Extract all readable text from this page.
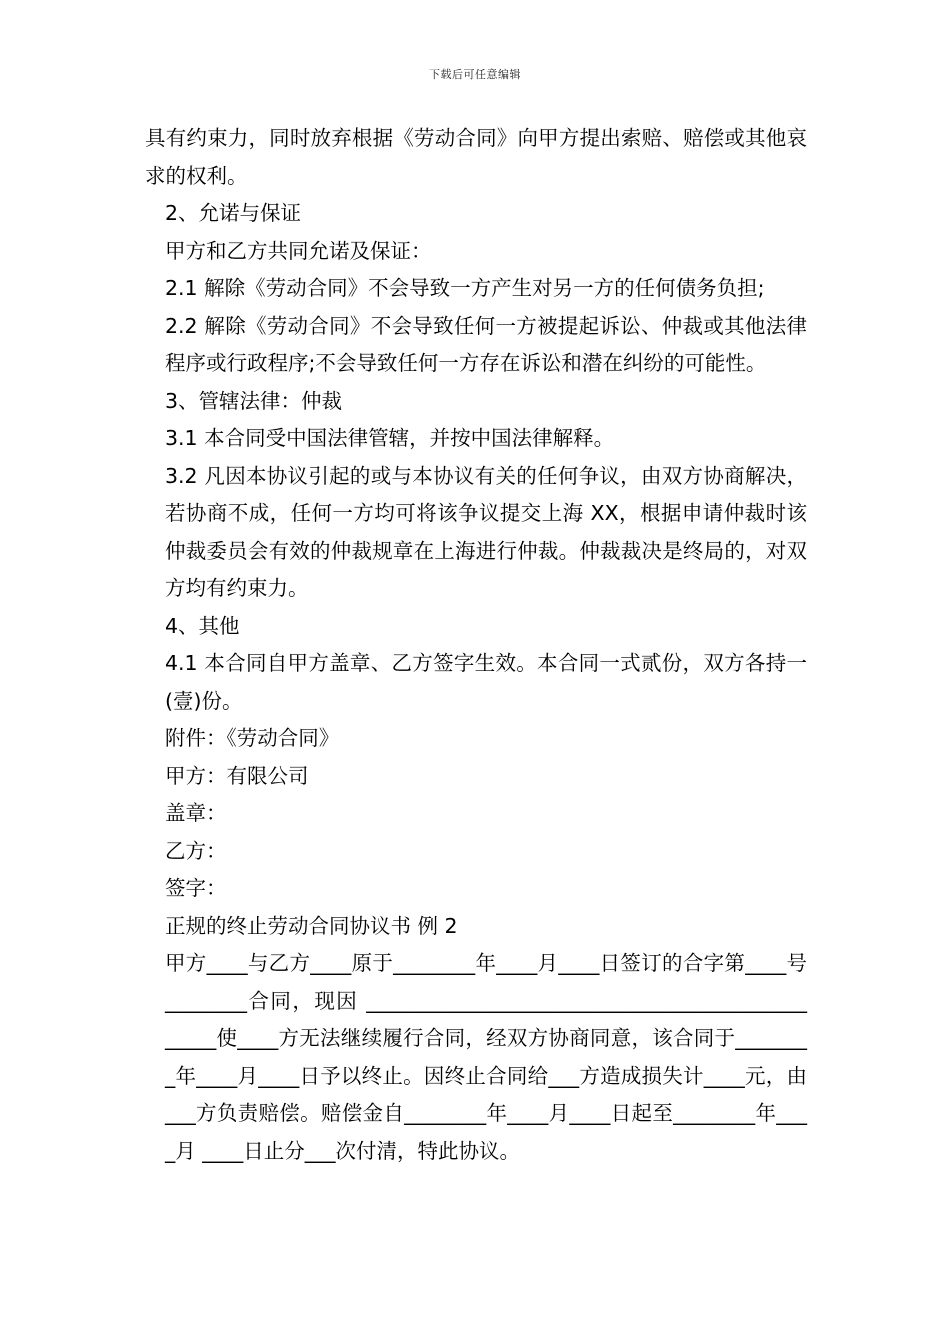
下载后可任意编辑

具有约束力，同时放弃根据《劳动合同》向甲方提出索赔、赔偿或其他哀求的权利。

2、允诺与保证

甲方和乙方共同允诺及保证：

2.1 解除《劳动合同》不会导致一方产生对另一方的任何债务负担;

2.2 解除《劳动合同》不会导致任何一方被提起诉讼、仲裁或其他法律程序或行政程序;不会导致任何一方存在诉讼和潜在纠纷的可能性。

3、管辖法律：仲裁

3.1 本合同受中国法律管辖，并按中国法律解释。

3.2 凡因本协议引起的或与本协议有关的任何争议，由双方协商解决，若协商不成，任何一方均可将该争议提交上海 XX，根据申请仲裁时该仲裁委员会有效的仲裁规章在上海进行仲裁。仲裁裁决是终局的，对双方均有约束力。

4、其他

4.1 本合同自甲方盖章、乙方签字生效。本合同一式贰份，双方各持一(壹)份。

附件：《劳动合同》

甲方：有限公司

盖章：

乙方：

签字：

正规的终止劳动合同协议书 例 2

甲方____与乙方____原于________年____月____日签订的合字第____号________合同，现因 ________________________________________________使____方无法继续履行合同，经双方协商同意，该合同于________年____月____日予以终止。因终止合同给___方造成损失计____元，由___方负责赔偿。赔偿金自________年____月____日起至________年____月 ____日止分___次付清，特此协议。
